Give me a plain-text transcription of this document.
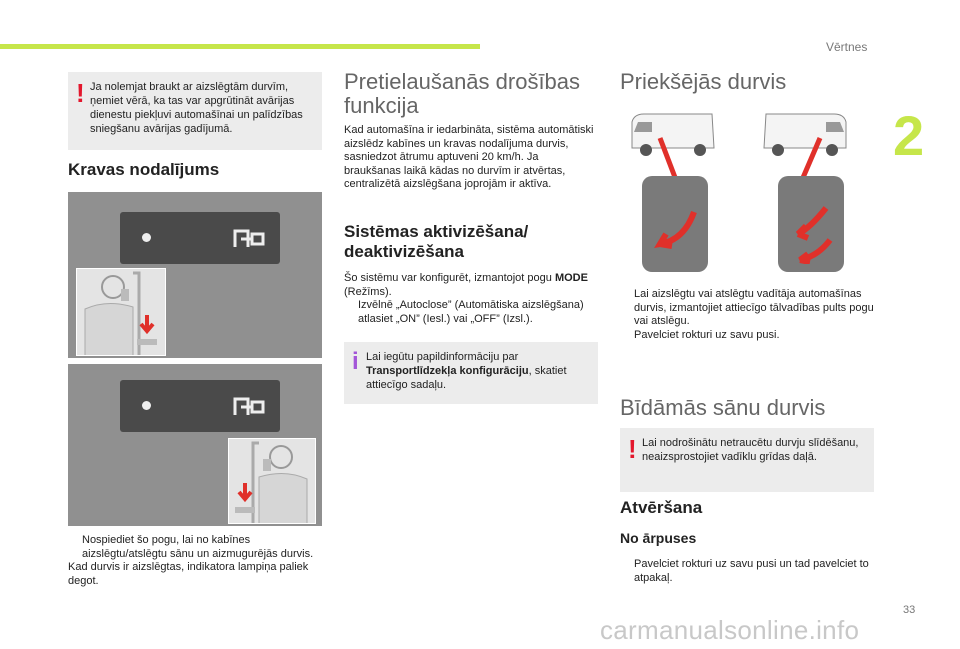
Vērtnes
2
! Ja nolemjat braukt ar aizslēgtām durvīm, ņemiet vērā, ka tas var apgrūtināt avārijas dienestu piekļuvi automašīnai un palīdzības sniegšanu avārijas gadījumā.
Kravas nodalījums
Nospiediet šo pogu, lai no kabīnes aizslēgtu/atslēgtu sānu un aizmugurējās durvis.
Kad durvis ir aizslēgtas, indikatora lampiņa paliek degot.
Pretielaušanās drošības
funkcija
Kad automašīna ir iedarbināta, sistēma automātiski aizslēdz kabīnes un kravas nodalījuma durvis, sasniedzot ātrumu aptuveni 20 km/h. Ja braukšanas laikā kādas no durvīm ir atvērtas, centralizētā aizslēgšana joprojām ir aktīva.
Sistēmas aktivizēšana/
deaktivizēšana
Šo sistēmu var konfigurēt, izmantojot pogu MODE (Režīms).
Izvēlnē „Autoclose” (Automātiska aizslēgšana) atlasiet „ON” (Iesl.) vai „OFF” (Izsl.).
i Lai iegūtu papildinformāciju par Transportlīdzekļa konfigurāciju, skatiet attiecīgo sadaļu.
Priekšējās durvis
Lai aizslēgtu vai atslēgtu vadītāja automašīnas durvis, izmantojiet attiecīgo tālvadības pults pogu vai atslēgu.
Pavelciet rokturi uz savu pusi.
Bīdāmās sānu durvis
! Lai nodrošinātu netraucētu durvju slīdēšanu, neaizsprostojiet vadīklu grīdas daļā.
Atvēršana
No ārpuses
Pavelciet rokturi uz savu pusi un tad pavelciet to atpakaļ.
33
carmanualsonline.info
